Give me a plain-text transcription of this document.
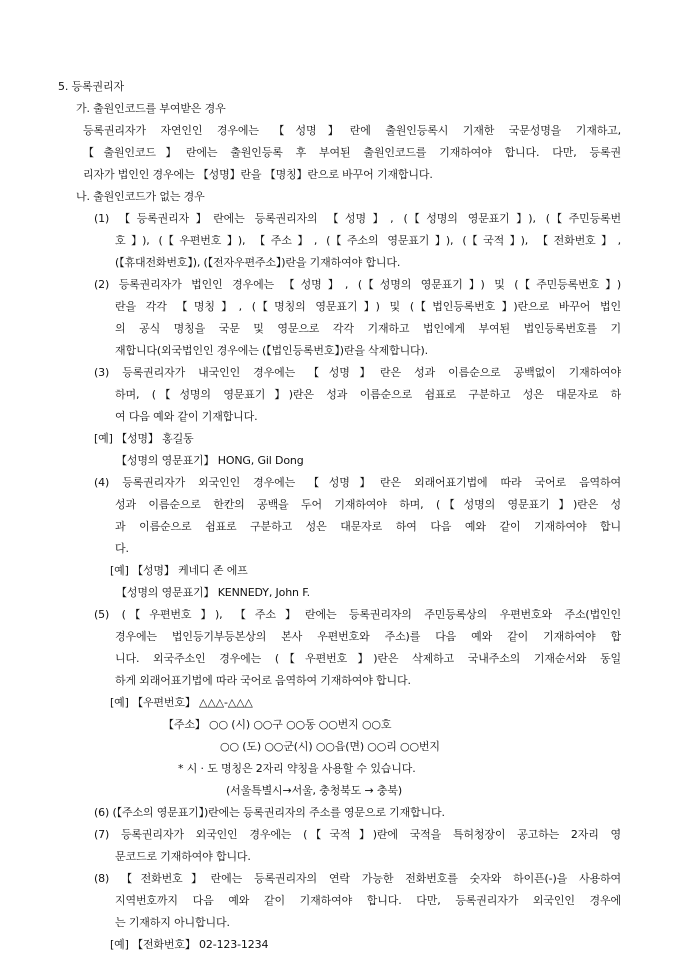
5. 등록권리자
가. 출원인코드를 부여받은 경우
등록권리자가 자연인인 경우에는 【성명】란에 출원인등록시 기재한 국문성명을 기재하고,
【출원인코드】란에는 출원인등록 후 부여된 출원인코드를 기재하여야 합니다. 다만, 등록권
리자가 법인인 경우에는 【성명】란을 【명칭】란으로 바꾸어 기재합니다.
나. 출원인코드가 없는 경우
(1) 【등록권리자】란에는 등록권리자의 【성명】, (【성명의 영문표기】), (【주민등록번
호】), (【우편번호】), 【주소】, (【주소의 영문표기】), (【국적】), 【전화번호】,
(【휴대전화번호】), (【전자우편주소】)란을 기재하여야 합니다.
(2) 등록권리자가 법인인 경우에는 【성명】, (【성명의 영문표기】) 및 (【주민등록번호】)
란을 각각 【명칭】, (【명칭의 영문표기】) 및 (【법인등록번호】)란으로 바꾸어 법인
의 공식 명칭을 국문 및 영문으로 각각 기재하고 법인에게 부여된 법인등록번호를 기
재합니다(외국법인인 경우에는 (【법인등록번호】)란을 삭제합니다).
(3) 등록권리자가 내국인인 경우에는 【성명】란은 성과 이름순으로 공백없이 기재하여야
하며, (【성명의 영문표기】)란은 성과 이름순으로 쉼표로 구분하고 성은 대문자로 하
여 다음 예와 같이 기재합니다.
[예] 【성명】 홍길동
【성명의 영문표기】 HONG, Gil Dong
(4) 등록권리자가 외국인인 경우에는 【성명】란은 외래어표기법에 따라 국어로 음역하여
성과 이름순으로 한칸의 공백을 두어 기재하여야 하며, (【성명의 영문표기】)란은 성
과 이름순으로 쉼표로 구분하고 성은 대문자로 하여 다음 예와 같이 기재하여야 합니
다.
[예] 【성명】 케네디 존 에프
【성명의 영문표기】 KENNEDY, John F.
(5) (【우편번호】), 【주소】란에는 등록권리자의 주민등록상의 우편번호와 주소(법인인
경우에는 법인등기부등본상의 본사 우편번호와 주소)를 다음 예와 같이 기재하여야 합
니다. 외국주소인 경우에는 (【우편번호】)란은 삭제하고 국내주소의 기재순서와 동일
하게 외래어표기법에 따라 국어로 음역하여 기재하여야 합니다.
[예] 【우편번호】 △△△-△△△
【주소】 ○○ (시) ○○구 ○○동 ○○번지 ○○호
○○ (도) ○○군(시) ○○읍(면) ○○리 ○○번지
* 시 · 도 명칭은 2자리 약칭을 사용할 수 있습니다.
(서울특별시→서울, 충청북도 → 충북)
(6) (【주소의 영문표기】)란에는 등록권리자의 주소를 영문으로 기재합니다.
(7) 등록권리자가 외국인인 경우에는 (【국적】)란에 국적을 특허청장이 공고하는 2자리 영
문코드로 기재하여야 합니다.
(8) 【전화번호】란에는 등록권리자의 연락 가능한 전화번호를 숫자와 하이픈(-)을 사용하여
지역번호까지 다음 예와 같이 기재하여야 합니다. 다만, 등록권리자가 외국인인 경우에
는 기재하지 아니합니다.
[예] 【전화번호】 02-123-1234
